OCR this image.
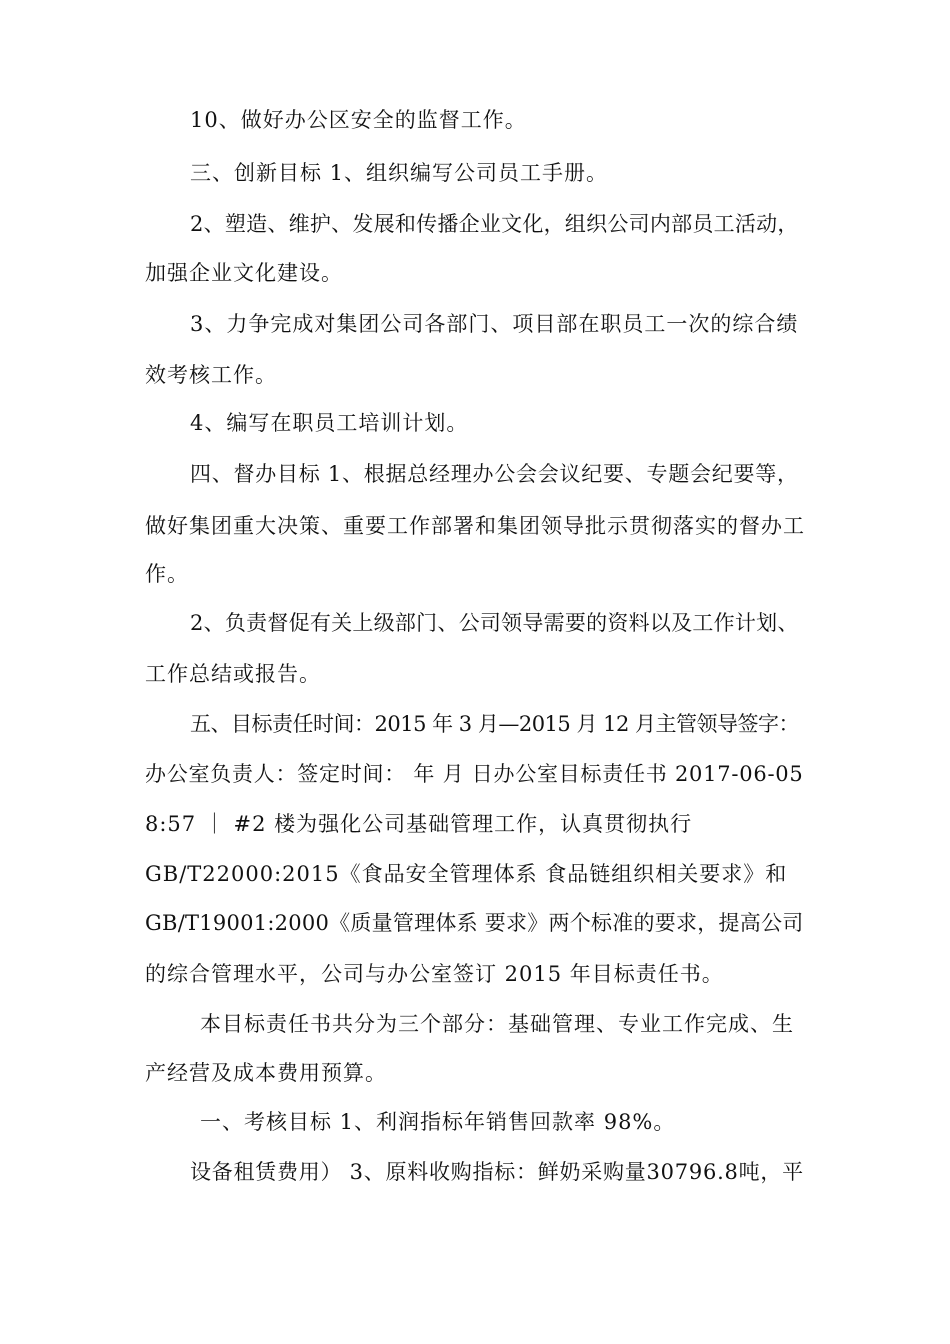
10、做好办公区安全的监督工作。
三、创新目标 1、组织编写公司员工手册。
2、塑造、维护、发展和传播企业文化，组织公司内部员工活动，
加强企业文化建设。
3、力争完成对集团公司各部门、项目部在职员工一次的综合绩
效考核工作。
4、编写在职员工培训计划。
四、督办目标 1、根据总经理办公会会议纪要、专题会纪要等，
做好集团重大决策、重要工作部署和集团领导批示贯彻落实的督办工
作。
2、负责督促有关上级部门、公司领导需要的资料以及工作计划、
工作总结或报告。
五、目标责任时间：2015 年 3 月—2015 月 12 月主管领导签字：
办公室负责人：签定时间： 年 月 日办公室目标责任书 2017-06-05
8:57 ｜ #2 楼为强化公司基础管理工作，认真贯彻执行
GB/T22000:2015《食品安全管理体系 食品链组织相关要求》和
GB/T19001:2000《质量管理体系 要求》两个标准的要求，提高公司
的综合管理水平，公司与办公室签订 2015 年目标责任书。
本目标责任书共分为三个部分：基础管理、专业工作完成、生
产经营及成本费用预算。
一、考核目标 1、利润指标年销售回款率 98%。
设备租赁费用） 3、原料收购指标：鲜奶采购量30796.8吨，平
